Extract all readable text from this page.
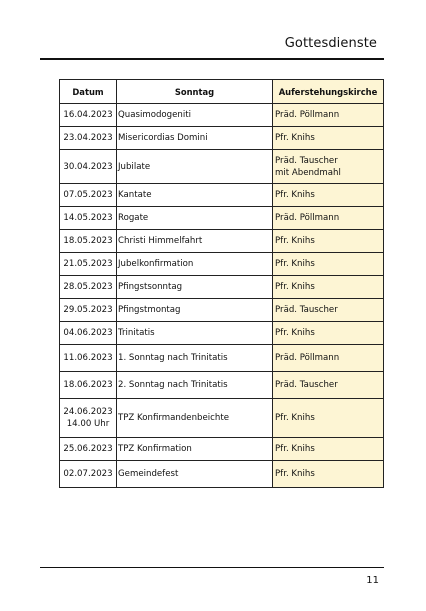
Gottesdienste
Datum	Sonntag	Auferstehungskirche
16.04.2023	Quasimodogeniti	Präd. Pöllmann

23.04.2023	Misericordias Domini	Pfr. Knihs

30.04.2023	Jubilate	Präd. Tauscher
mit Abendmahl

07.05.2023	Kantate	Pfr. Knihs

14.05.2023	Rogate	Präd. Pöllmann

18.05.2023	Christi Himmelfahrt	Pfr. Knihs

21.05.2023	Jubelkonfirmation	Pfr. Knihs

28.05.2023	Pfingstsonntag	Pfr. Knihs

29.05.2023	Pfingstmontag	Präd. Tauscher

04.06.2023	Trinitatis	Pfr. Knihs

11.06.2023	1. Sonntag nach Trinitatis	Präd. Pöllmann

18.06.2023	2. Sonntag nach Trinitatis	Präd. Tauscher

24.06.2023
14.00 Uhr	TPZ Konfirmandenbeichte	Pfr. Knihs

25.06.2023	TPZ Konfirmation	Pfr. Knihs

02.07.2023	Gemeindefest	Pfr. Knihs
11
